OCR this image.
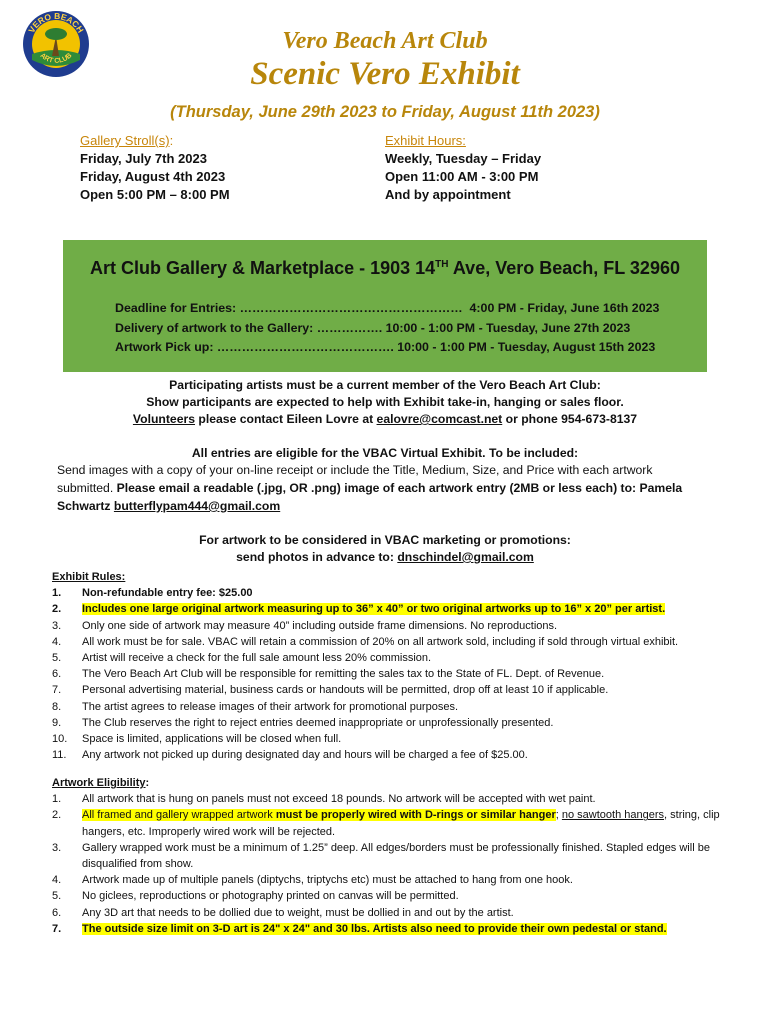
VERO BEACH
ART CLUB
Vero Beach Art Club
Scenic Vero Exhibit
(Thursday, June 29th 2023 to Friday, August 11th 2023)
Gallery Stroll(s):
Friday, July 7th 2023
Friday, August 4th 2023
Open 5:00 PM – 8:00 PM
Exhibit Hours:
Weekly, Tuesday – Friday
Open 11:00 AM - 3:00 PM
And by appointment
Art Club Gallery & Marketplace - 1903 14TH Ave, Vero Beach, FL 32960
Deadline for Entries: ………………………………………………  4:00 PM - Friday, June 16th 2023
Delivery of artwork to the Gallery: ……………. 10:00 - 1:00 PM - Tuesday, June 27th 2023
Artwork Pick up: ……………………………………. 10:00 - 1:00 PM - Tuesday, August 15th 2023
Participating artists must be a current member of the Vero Beach Art Club:
Show participants are expected to help with Exhibit take-in, hanging or sales floor.
Volunteers please contact Eileen Lovre at ealovre@comcast.net or phone 954-673-8137
All entries are eligible for the VBAC Virtual Exhibit. To be included:
Send images with a copy of your on-line receipt or include the Title, Medium, Size, and Price with each artwork submitted. Please email a readable (.jpg, OR .png) image of each artwork entry (2MB or less each) to: Pamela Schwartz butterflypam444@gmail.com
For artwork to be considered in VBAC marketing or promotions:
send photos in advance to: dnschindel@gmail.com
Exhibit Rules:
1.	Non-refundable entry fee: $25.00
2.	Includes one large original artwork measuring up to 36” x 40” or two original artworks up to 16” x 20” per artist.
3.	Only one side of artwork may measure 40” including outside frame dimensions. No reproductions.
4.	All work must be for sale. VBAC will retain a commission of 20% on all artwork sold, including if sold through virtual exhibit.
5.	Artist will receive a check for the full sale amount less 20% commission.
6.	The Vero Beach Art Club will be responsible for remitting the sales tax to the State of FL. Dept. of Revenue.
7.	Personal advertising material, business cards or handouts will be permitted, drop off at least 10 if applicable.
8.	The artist agrees to release images of their artwork for promotional purposes.
9.	The Club reserves the right to reject entries deemed inappropriate or unprofessionally presented.
10.	Space is limited, applications will be closed when full.
11.	Any artwork not picked up during designated day and hours will be charged a fee of $25.00.
Artwork Eligibility:
1.	All artwork that is hung on panels must not exceed 18 pounds. No artwork will be accepted with wet paint.
2.	All framed and gallery wrapped artwork must be properly wired with D-rings or similar hanger; no sawtooth hangers, string, clip hangers, etc. Improperly wired work will be rejected.
3.	Gallery wrapped work must be a minimum of 1.25” deep. All edges/borders must be professionally finished. Stapled edges will be disqualified from show.
4.	Artwork made up of multiple panels (diptychs, triptychs etc) must be attached to hang from one hook.
5.	No giclees, reproductions or photography printed on canvas will be permitted.
6.	Any 3D art that needs to be dollied due to weight, must be dollied in and out by the artist.
7.	The outside size limit on 3-D art is 24" x 24" and 30 lbs. Artists also need to provide their own pedestal or stand.
